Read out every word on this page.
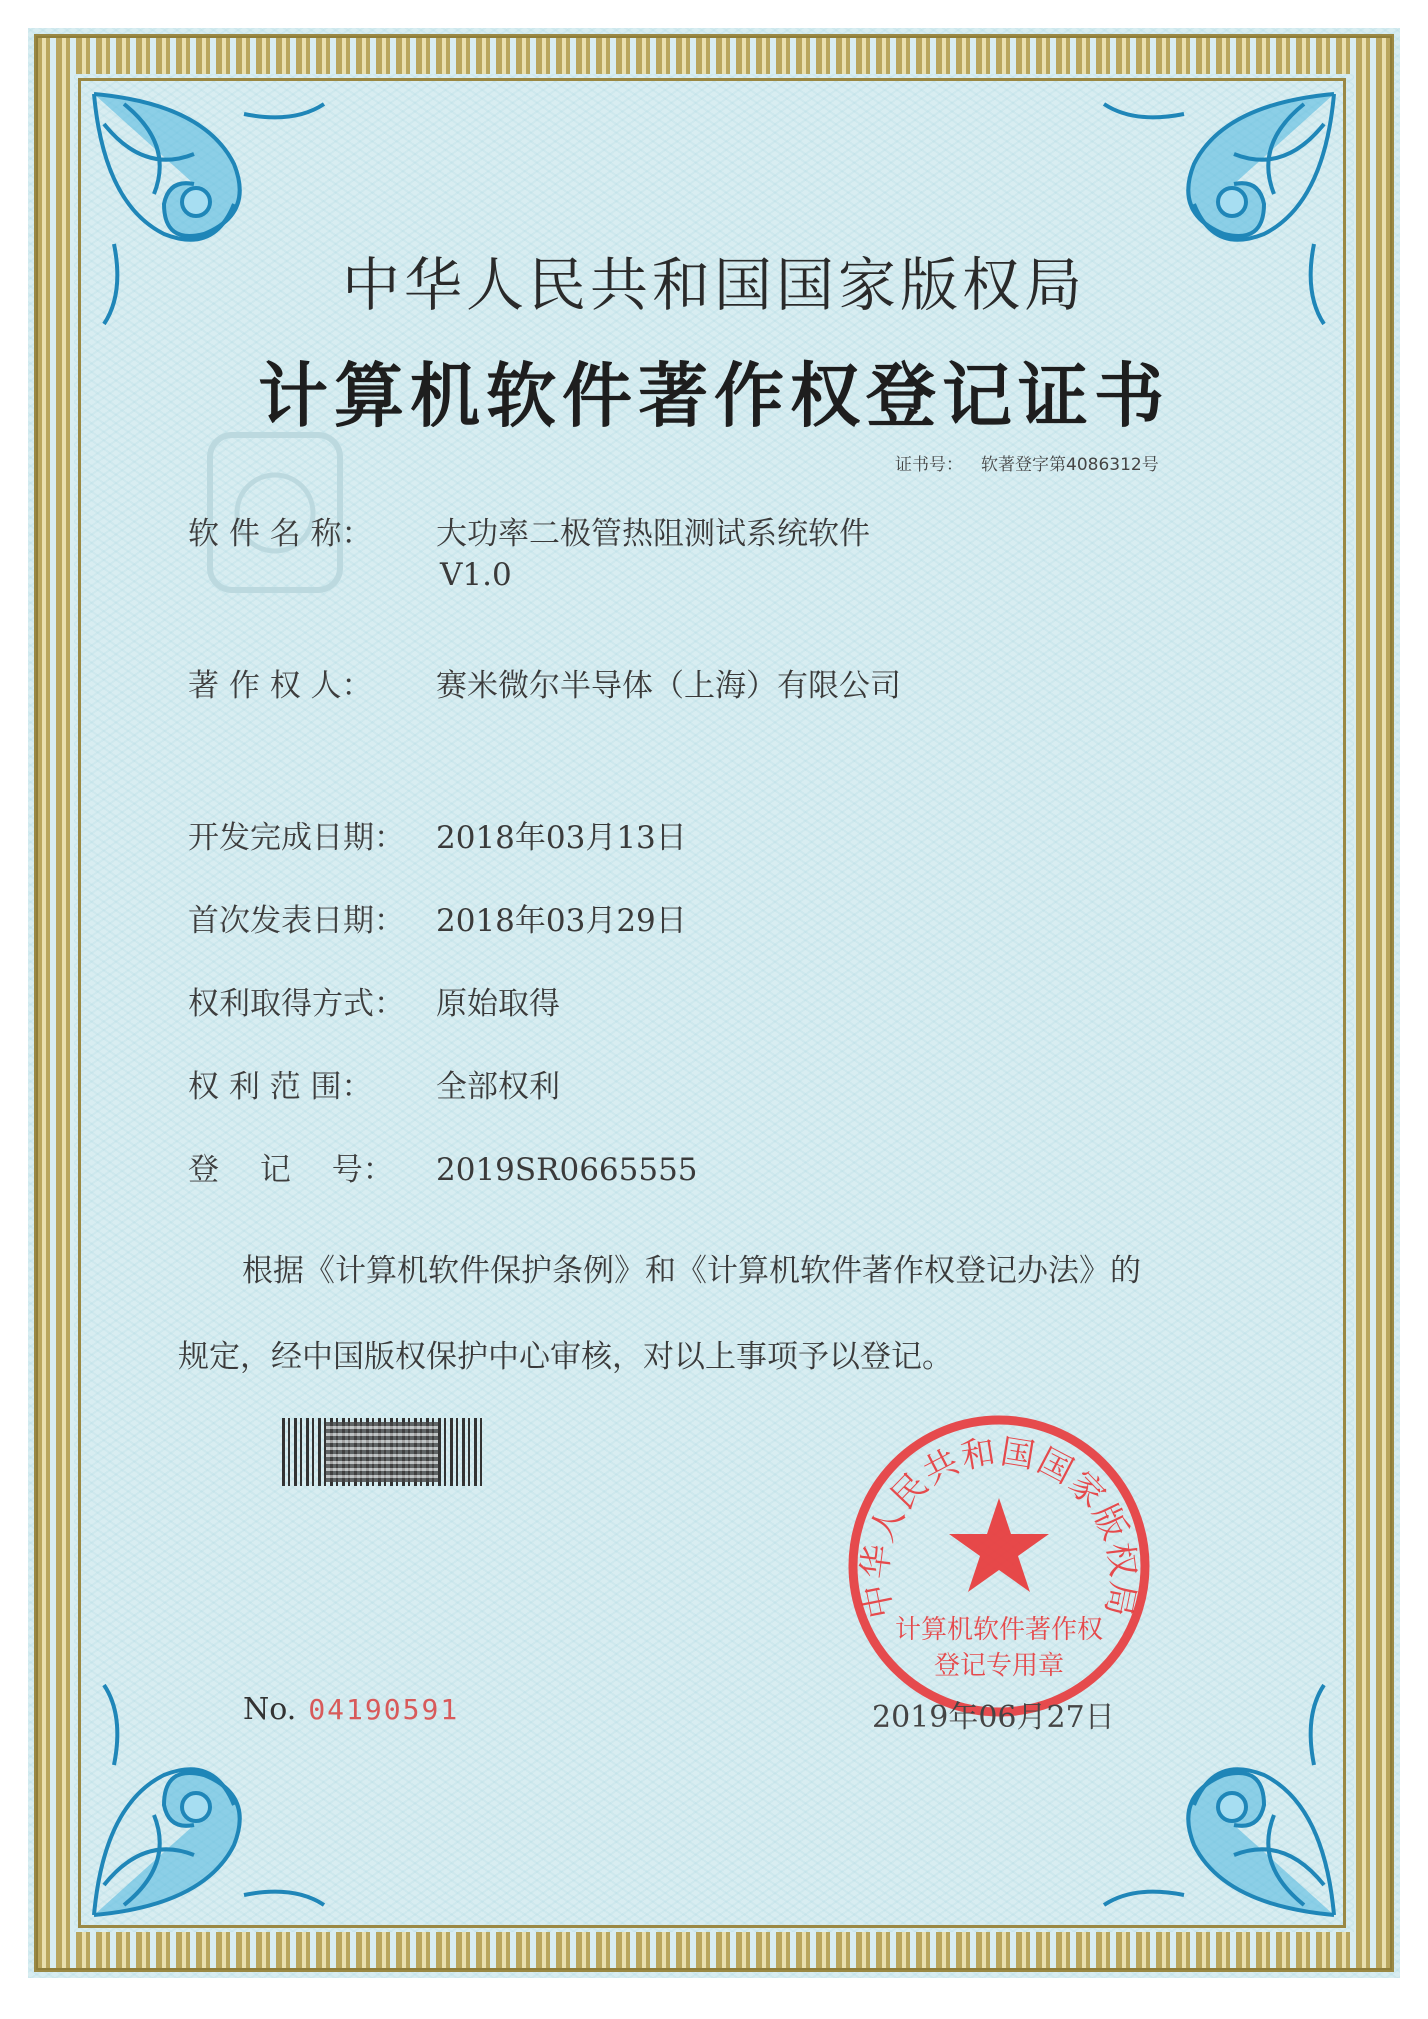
中华人民共和国国家版权局
计算机软件著作权登记证书
证书号： 软著登字第4086312号
软 件 名 称： 大功率二极管热阻测试系统软件
V1.0
著 作 权 人： 赛米微尔半导体（上海）有限公司
开发完成日期： 2018年03月13日
首次发表日期： 2018年03月29日
权利取得方式： 原始取得
权 利 范 围： 全部权利
登　 记　 号： 2019SR0665555
根据《计算机软件保护条例》和《计算机软件著作权登记办法》的
规定，经中国版权保护中心审核，对以上事项予以登记。
中华人民共和国国家版权局
计算机软件著作权
登记专用章
No. 04190591	2019年06月27日
